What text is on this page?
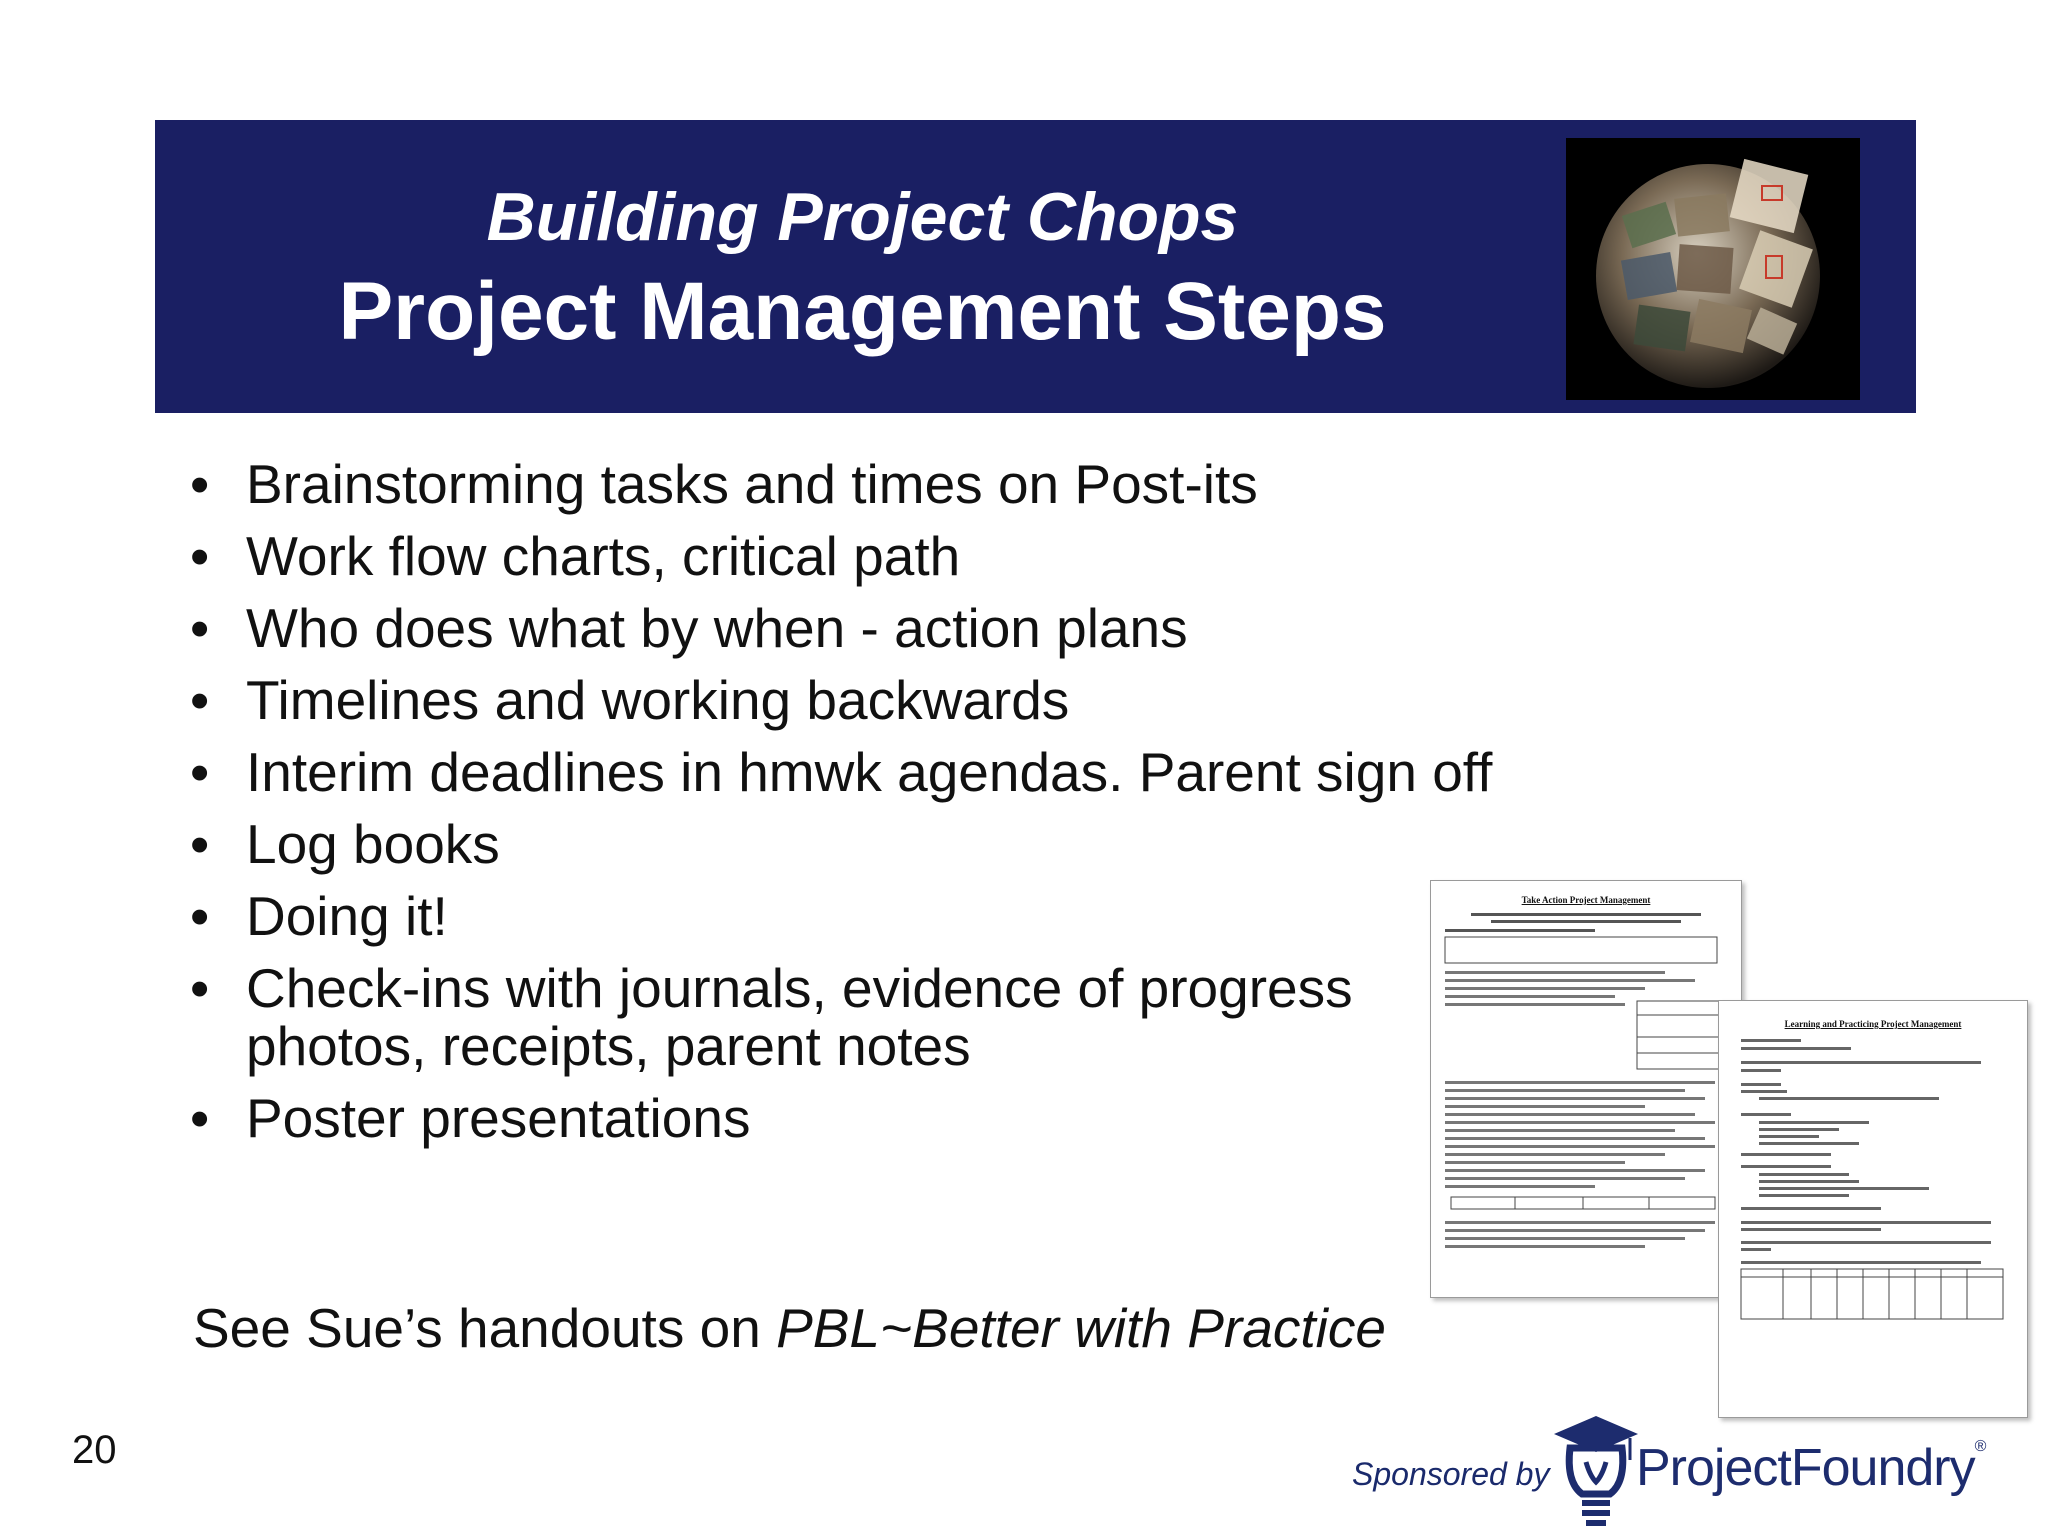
Building Project Chops
Project Management Steps
• Brainstorming tasks and times on Post-its
• Work flow charts, critical path
• Who does what by when - action plans
• Timelines and working backwards
• Interim deadlines in hmwk agendas. Parent sign off
• Log books
• Doing it!
• Check-ins with journals, evidence of progress photos, receipts, parent notes
• Poster presentations
See Sue’s handouts on PBL~Better with Practice
Take Action Project Management
Learning and Practicing Project Management
20
Sponsored by ProjectFoundry®
